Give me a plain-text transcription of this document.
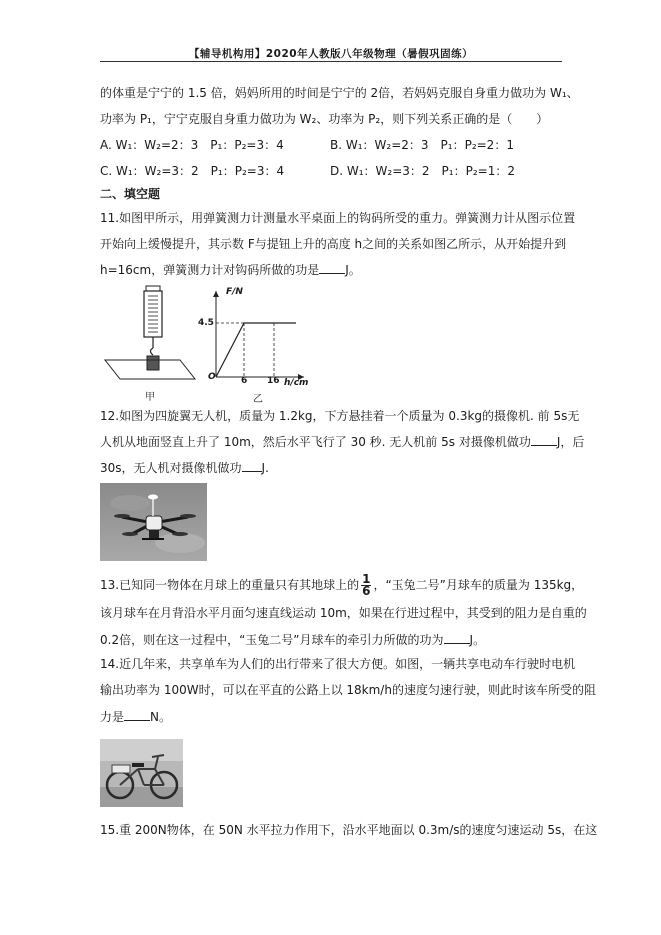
【辅导机构用】2020年人教版八年级物理（暑假巩固练）
的体重是宁宁的 1.5 倍，妈妈所用的时间是宁宁的 2倍，若妈妈克服自身重力做功为 W₁、
功率为 P₁，宁宁克服自身重力做功为 W₂、功率为 P₂，则下列关系正确的是（　　）
A. W₁：W₂=2：3　P₁：P₂=3：4	B. W₁：W₂=2：3　P₁：P₂=2：1
C. W₁：W₂=3：2　P₁：P₂=3：4	D. W₁：W₂=3：2　P₁：P₂=1：2
二、填空题
11.如图甲所示，用弹簧测力计测量水平桌面上的钩码所受的重力。弹簧测力计从图示位置
开始向上缓慢提升，其示数 F与提钮上升的高度 h之间的关系如图乙所示，从开始提升到
h=16cm，弹簧测力计对钩码所做的功是 J。
甲
F/N
4.5
O	6 16 h/cm
乙
12.如图为四旋翼无人机，质量为 1.2kg，下方悬挂着一个质量为 0.3kg的摄像机. 前 5s无
人机从地面竖直上升了 10m，然后水平飞行了 30 秒. 无人机前 5s 对摄像机做功 J，后
30s，无人机对摄像机做功 J.
13.已知同一物体在月球上的重量只有其地球上的 $\frac{1}{6}$ ，“玉兔二号”月球车的质量为 135kg，
该月球车在月背沿水平月面匀速直线运动 10m，如果在行进过程中，其受到的阻力是自重的
0.2倍，则在这一过程中，“玉兔二号”月球车的牵引力所做的功为 J。
14.近几年来，共享单车为人们的出行带来了很大方便。如图，一辆共享电动车行驶时电机
输出功率为 100W时，可以在平直的公路上以 18km/h的速度匀速行驶，则此时该车所受的阻
力是 N。
15.重 200N物体，在 50N 水平拉力作用下，沿水平地面以 0.3m/s的速度匀速运动 5s，在这
